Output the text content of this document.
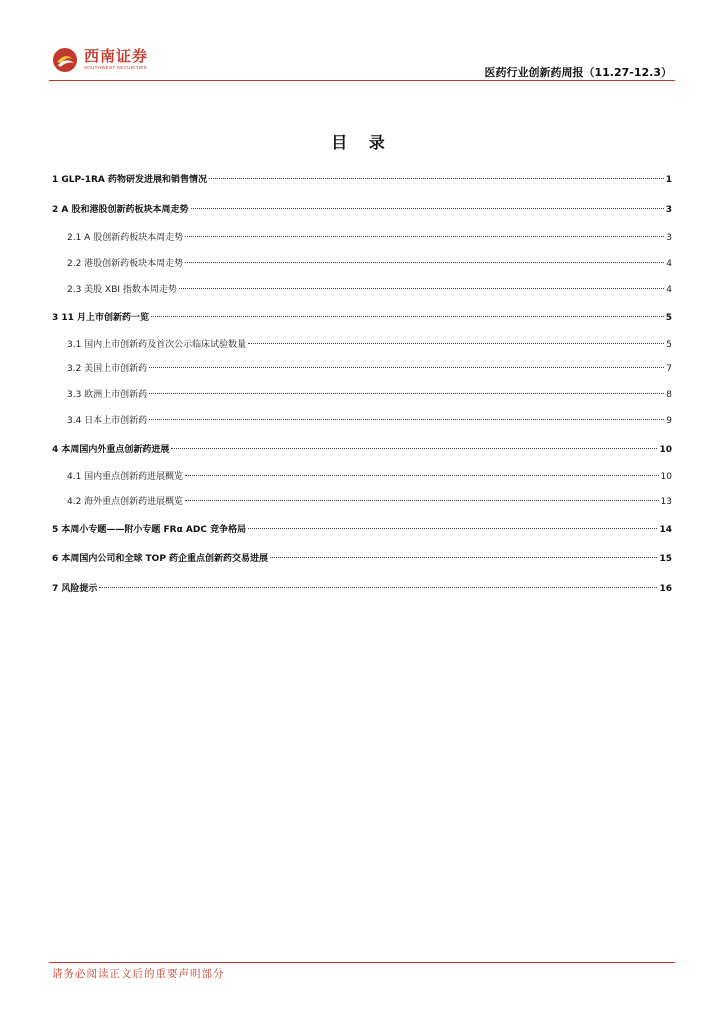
西南证券
SOUTHWEST SECURITIES	医药行业创新药周报（11.27-12.3）
目 录
1 GLP-1RA 药物研发进展和销售情况	1
2 A 股和港股创新药板块本周走势	3
2.1 A 股创新药板块本周走势	3
2.2 港股创新药板块本周走势	4
2.3 美股 XBI 指数本周走势	4
3 11 月上市创新药一览	5
3.1 国内上市创新药及首次公示临床试验数量	5
3.2 美国上市创新药	7
3.3 欧洲上市创新药	8
3.4 日本上市创新药	9
4 本周国内外重点创新药进展	10
4.1 国内重点创新药进展概览	10
4.2 海外重点创新药进展概览	13
5 本周小专题——附小专题 FRα ADC 竞争格局	14
6 本周国内公司和全球 TOP 药企重点创新药交易进展	15
7 风险提示	16
请务必阅读正文后的重要声明部分
